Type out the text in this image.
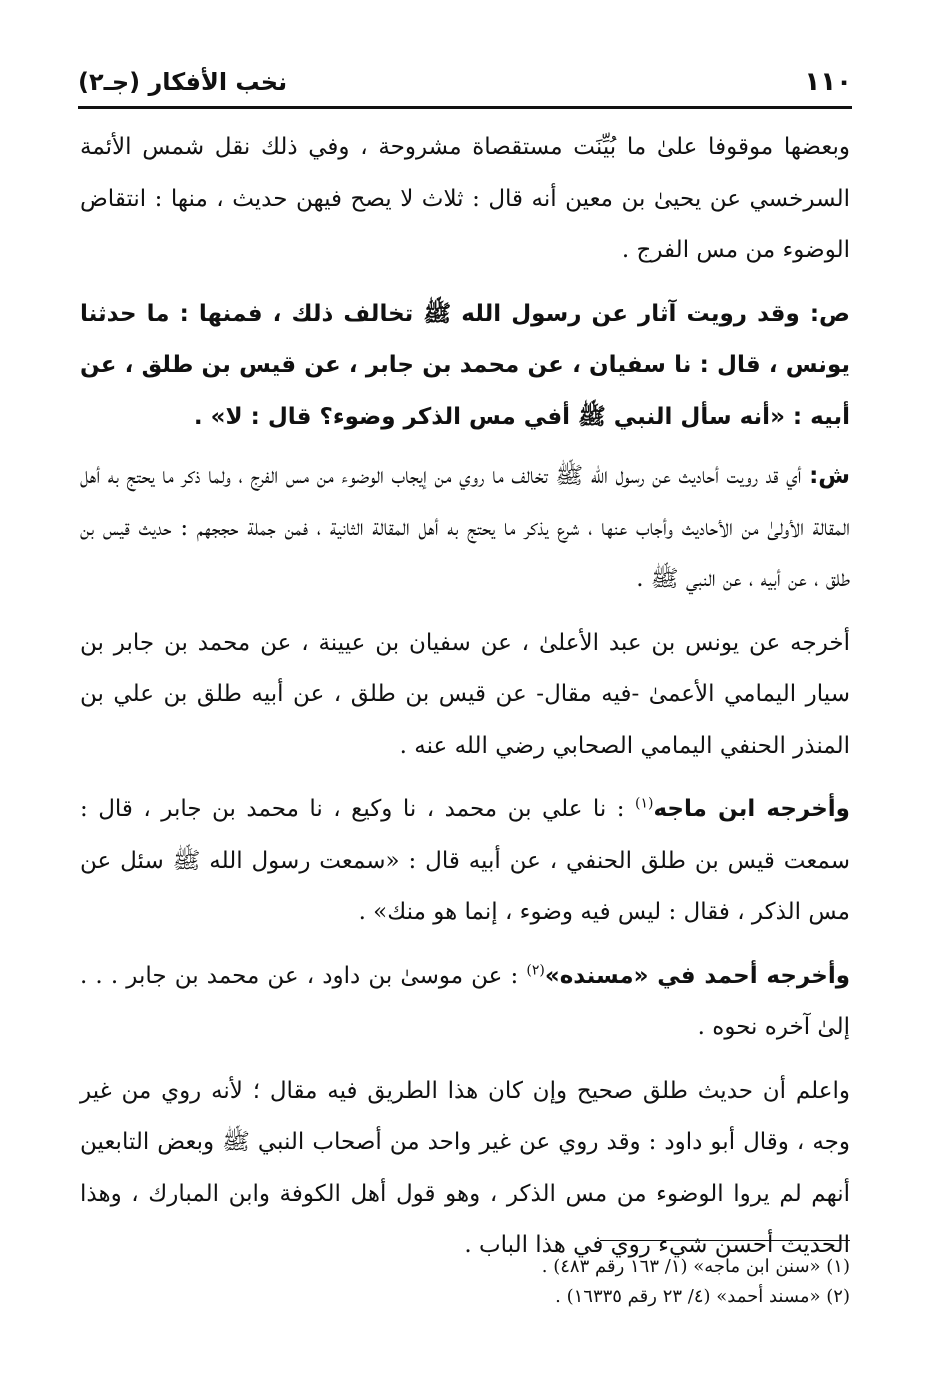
١١٠
نخب الأفكار (جـ٢)

وبعضها موقوفا علىٰ ما بُيِّنَت مستقصاة مشروحة ، وفي ذلك نقل شمس الأئمة السرخسي عن يحيىٰ بن معين أنه قال : ثلاث لا يصح فيهن حديث ، منها : انتقاض الوضوء من مس الفرج .

ص: وقد رويت آثار عن رسول الله ﷺ تخالف ذلك ، فمنها : ما حدثنا يونس ، قال : نا سفيان ، عن محمد بن جابر ، عن قيس بن طلق ، عن أبيه : «أنه سأل النبي ﷺ أفي مس الذكر وضوء؟ قال : لا» .

ش: أي قد رويت أحاديث عن رسول الله ﷺ تخالف ما روي من إيجاب الوضوء من مس الفرج ، ولما ذكر ما يحتج به أهل المقالة الأولىٰ من الأحاديث وأجاب عنها ، شرع يذكر ما يحتج به أهل المقالة الثانية ، فمن جملة حججهم : حديث قيس بن طلق ، عن أبيه ، عن النبي ﷺ .

أخرجه عن يونس بن عبد الأعلىٰ ، عن سفيان بن عيينة ، عن محمد بن جابر بن سيار اليمامي الأعمىٰ -فيه مقال- عن قيس بن طلق ، عن أبيه طلق بن علي بن المنذر الحنفي اليمامي الصحابي رضي الله عنه .

وأخرجه ابن ماجه$^{(١)}$ : نا علي بن محمد ، نا وكيع ، نا محمد بن جابر ، قال : سمعت قيس بن طلق الحنفي ، عن أبيه قال : «سمعت رسول الله ﷺ سئل عن مس الذكر ، فقال : ليس فيه وضوء ، إنما هو منك» .

وأخرجه أحمد في «مسنده»$^{(٢)}$ : عن موسىٰ بن داود ، عن محمد بن جابر . . . إلىٰ آخره نحوه .

واعلم أن حديث طلق صحيح وإن كان هذا الطريق فيه مقال ؛ لأنه روي من غير وجه ، وقال أبو داود : وقد روي عن غير واحد من أصحاب النبي ﷺ وبعض التابعين أنهم لم يروا الوضوء من مس الذكر ، وهو قول أهل الكوفة وابن المبارك ، وهذا الحديث أحسن شيء روي في هذا الباب .

(١) «سنن ابن ماجه» (١/ ١٦٣ رقم ٤٨٣) .

(٢) «مسند أحمد» (٤/ ٢٣ رقم ١٦٣٣٥) .
